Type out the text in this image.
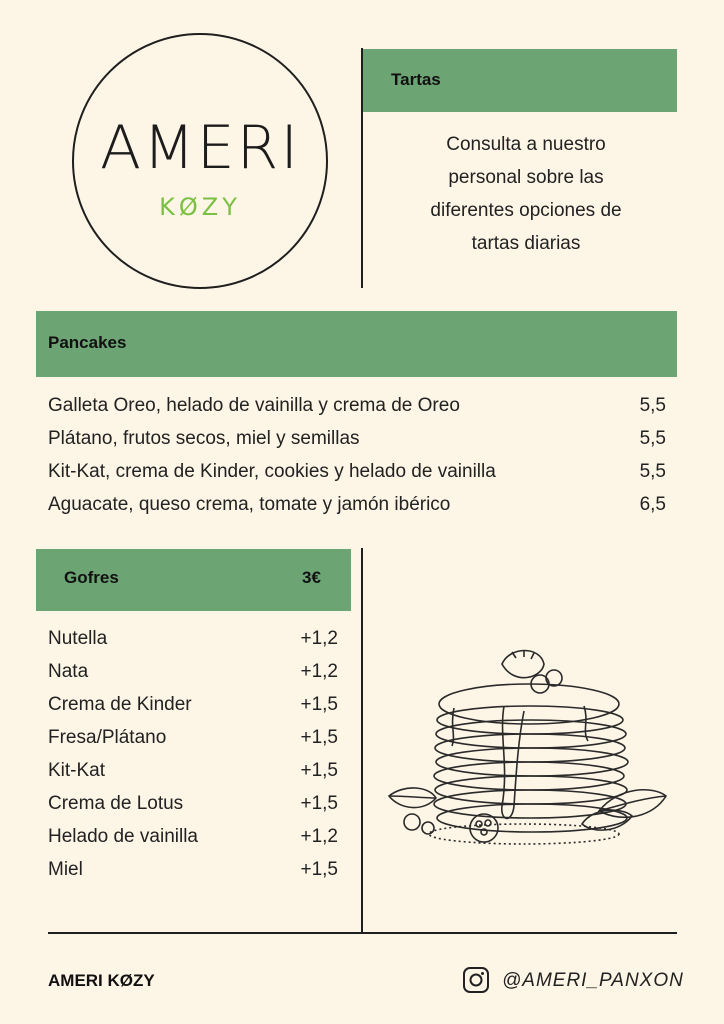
AMERI
KØZY
Tartas
Consulta a nuestro
personal sobre las
diferentes opciones de
tartas diarias
Pancakes
Galleta Oreo, helado de vainilla y crema de Oreo	5,5
Plátano, frutos secos, miel y semillas	5,5
Kit-Kat, crema de Kinder, cookies y helado de vainilla	5,5
Aguacate, queso crema, tomate y jamón ibérico	6,5
Gofres	3€
Nutella	+1,2
Nata	+1,2
Crema de Kinder	+1,5
Fresa/Plátano	+1,5
Kit-Kat	+1,5
Crema de Lotus	+1,5
Helado de vainilla	+1,2
Miel	+1,5
AMERI KØZY	@AMERI_PANXON
